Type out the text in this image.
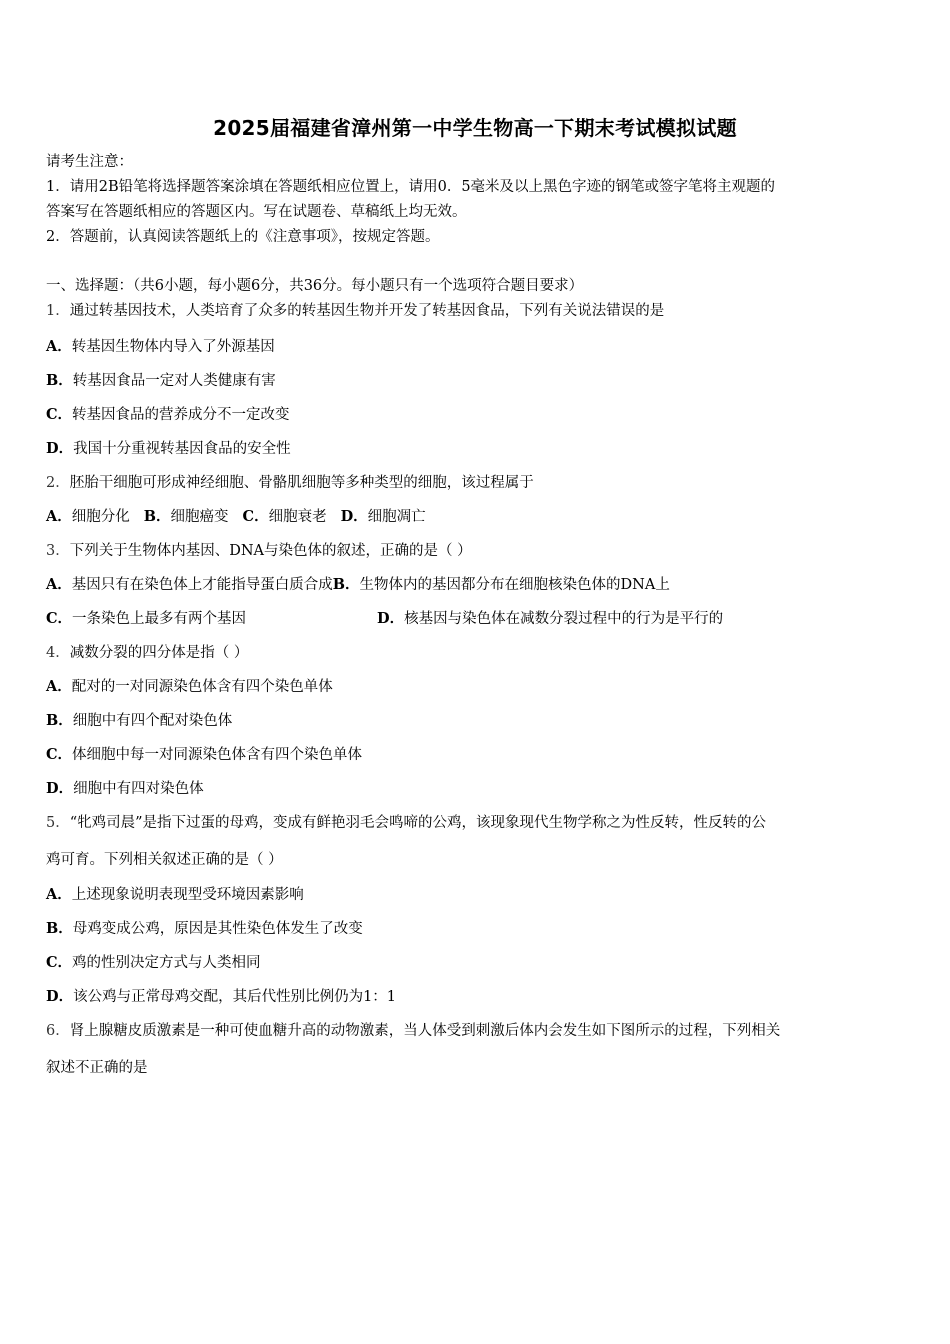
2025届福建省漳州第一中学生物高一下期末考试模拟试题
请考生注意：
1．请用2B铅笔将选择题答案涂填在答题纸相应位置上，请用0．5毫米及以上黑色字迹的钢笔或签字笔将主观题的
答案写在答题纸相应的答题区内。写在试题卷、草稿纸上均无效。
2．答题前，认真阅读答题纸上的《注意事项》，按规定答题。
一、选择题：（共6小题，每小题6分，共36分。每小题只有一个选项符合题目要求）
1．通过转基因技术，人类培育了众多的转基因生物并开发了转基因食品，下列有关说法错误的是
A．转基因生物体内导入了外源基因
B．转基因食品一定对人类健康有害
C．转基因食品的营养成分不一定改变
D．我国十分重视转基因食品的安全性
2．胚胎干细胞可形成神经细胞、骨骼肌细胞等多种类型的细胞，该过程属于
A．细胞分化 B．细胞癌变 C．细胞衰老 D．细胞凋亡
3．下列关于生物体内基因、DNA与染色体的叙述，正确的是（ ）
A．基因只有在染色体上才能指导蛋白质合成B．生物体内的基因都分布在细胞核染色体的DNA上
C．一条染色上最多有两个基因	D．核基因与染色体在减数分裂过程中的行为是平行的
4．减数分裂的四分体是指（ ）
A．配对的一对同源染色体含有四个染色单体
B．细胞中有四个配对染色体
C．体细胞中每一对同源染色体含有四个染色单体
D．细胞中有四对染色体
5．“牝鸡司晨”是指下过蛋的母鸡，变成有鲜艳羽毛会鸣啼的公鸡，该现象现代生物学称之为性反转，性反转的公
鸡可育。下列相关叙述正确的是（ ）
A．上述现象说明表现型受环境因素影响
B．母鸡变成公鸡，原因是其性染色体发生了改变
C．鸡的性别决定方式与人类相同
D．该公鸡与正常母鸡交配，其后代性别比例仍为1：1
6．肾上腺糖皮质激素是一种可使血糖升高的动物激素，当人体受到刺激后体内会发生如下图所示的过程，下列相关
叙述不正确的是
